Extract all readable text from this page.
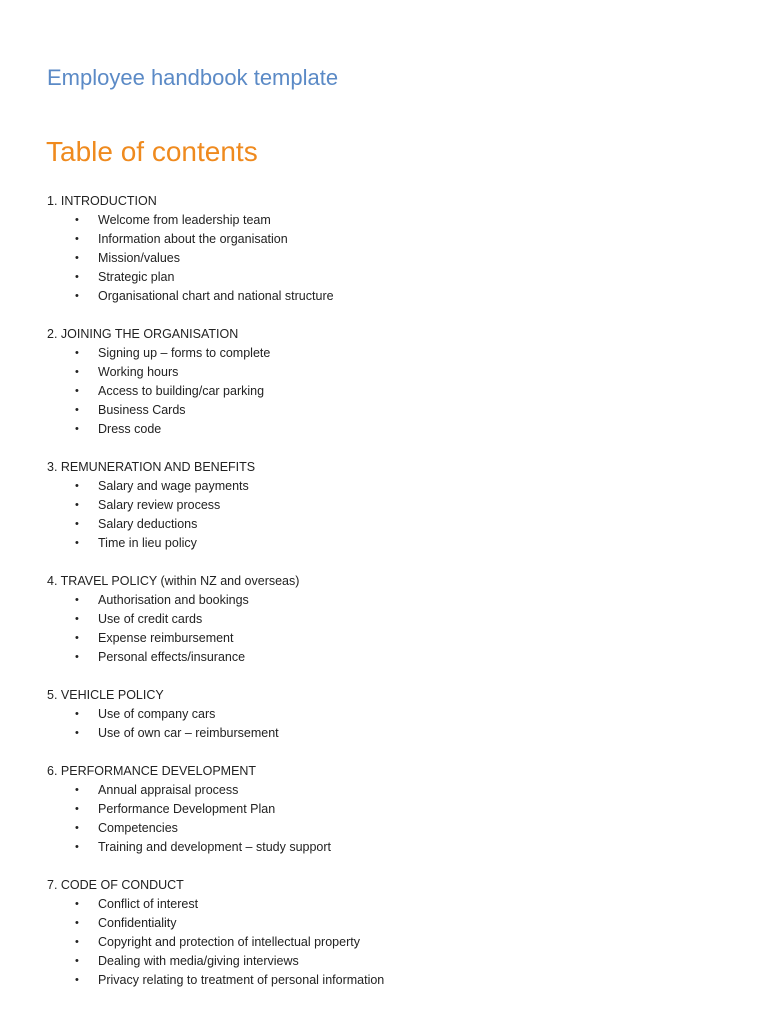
Employee handbook template
Table of contents
1. INTRODUCTION
• Welcome from leadership team
• Information about the organisation
• Mission/values
• Strategic plan
• Organisational chart and national structure
2. JOINING THE ORGANISATION
• Signing up – forms to complete
• Working hours
• Access to building/car parking
• Business Cards
• Dress code
3. REMUNERATION AND BENEFITS
• Salary and wage payments
• Salary review process
• Salary deductions
• Time in lieu policy
4. TRAVEL POLICY (within NZ and overseas)
• Authorisation and bookings
• Use of credit cards
• Expense reimbursement
• Personal effects/insurance
5. VEHICLE POLICY
• Use of company cars
• Use of own car – reimbursement
6. PERFORMANCE DEVELOPMENT
• Annual appraisal process
• Performance Development Plan
• Competencies
• Training and development – study support
7. CODE OF CONDUCT
• Conflict of interest
• Confidentiality
• Copyright and protection of intellectual property
• Dealing with media/giving interviews
• Privacy relating to treatment of personal information
